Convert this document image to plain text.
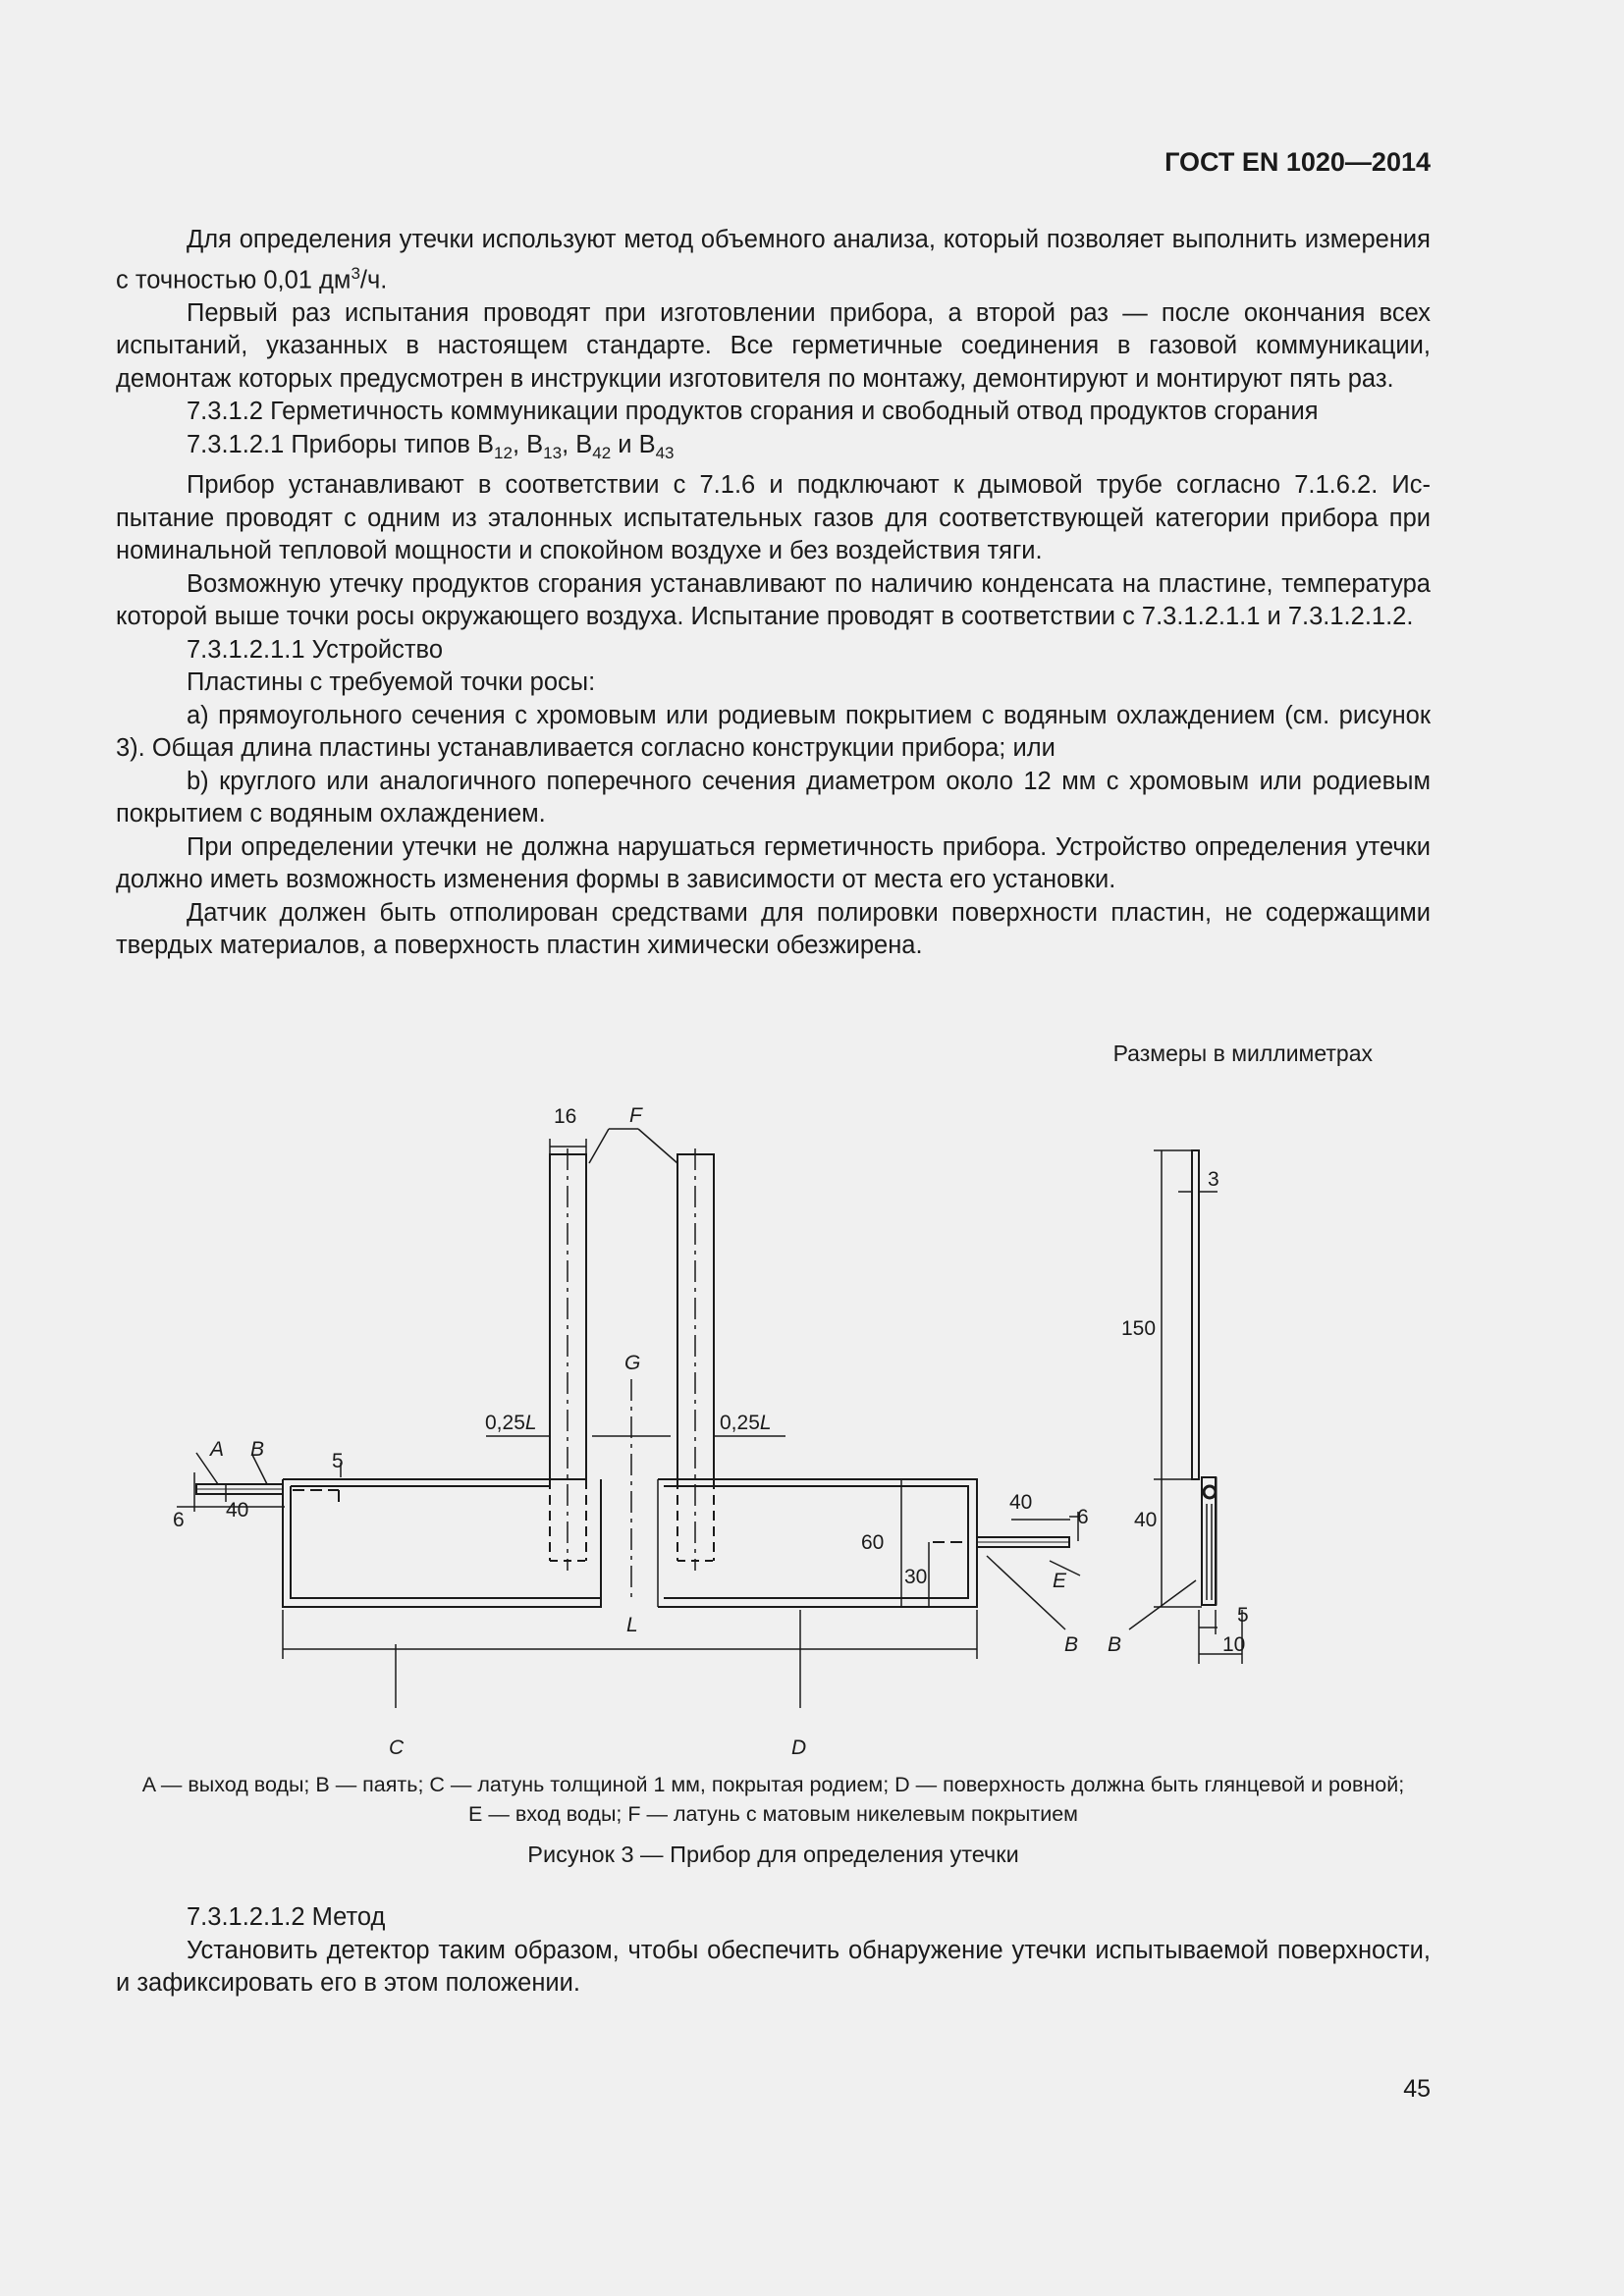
ГОСТ EN 1020—2014

Для определения утечки используют метод объемного анализа, который позволяет выполнить измерения с точностью 0,01 $дм^3/ч$.

Первый раз испытания проводят при изготовлении прибора, а второй раз — после окончания всех испытаний, указанных в настоящем стандарте. Все герметичные соединения в газовой коммуникации, демонтаж которых предусмотрен в инструкции изготовителя по монтажу, демонтируют и монтируют пять раз.

7.3.1.2 Герметичность коммуникации продуктов сгорания и свободный отвод продуктов сгорания

7.3.1.2.1 Приборы типов $B_{12}$, $B_{13}$, $B_{42}$ и $B_{43}$

Прибор устанавливают в соответствии с 7.1.6 и подключают к дымовой трубе согласно 7.1.6.2. Испытание проводят с одним из эталонных испытательных газов для соответствующей категории прибора при номинальной тепловой мощности и спокойном воздухе и без воздействия тяги.

Возможную утечку продуктов сгорания устанавливают по наличию конденсата на пластине, температура которой выше точки росы окружающего воздуха. Испытание проводят в соответствии с 7.3.1.2.1.1 и 7.3.1.2.1.2.

7.3.1.2.1.1 Устройство

Пластины с требуемой точки росы:

а) прямоугольного сечения с хромовым или родиевым покрытием с водяным охлаждением (см. рисунок 3). Общая длина пластины устанавливается согласно конструкции прибора; или

b) круглого или аналогичного поперечного сечения диаметром около 12 мм с хромовым или родиевым покрытием с водяным охлаждением.

При определении утечки не должна нарушаться герметичность прибора. Устройство определения утечки должно иметь возможность изменения формы в зависимости от места его установки.

Датчик должен быть отполирован средствами для полировки поверхности пластин, не содержащими твердых материалов, а поверхность пластин химически обезжирена.

Размеры в миллиметрах
A B
C	D
E
F
G
L
B B
0,25L	0,25L
16
5
6 40	40
6
60
30
3
150
40
5
10
A — выход воды; B — паять; C — латунь толщиной 1 мм, покрытая родием; D — поверхность должна быть глянцевой и ровной;
E — вход воды; F — латунь с матовым никелевым покрытием
Рисунок 3 — Прибор для определения утечки

7.3.1.2.1.2 Метод

Установить детектор таким образом, чтобы обеспечить обнаружение утечки испытываемой поверхности, и зафиксировать его в этом положении.

45
